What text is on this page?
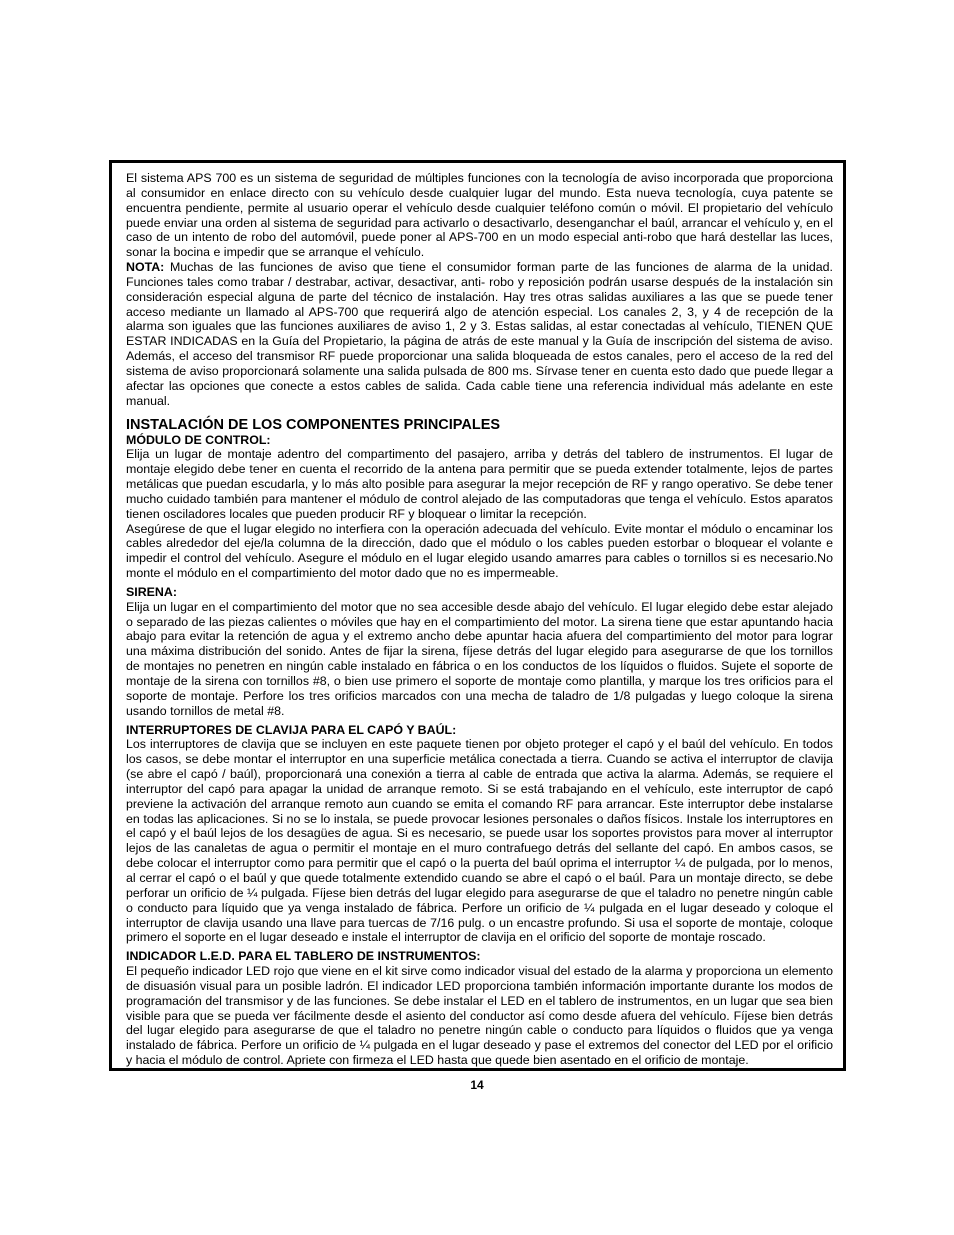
El sistema APS 700 es un sistema de seguridad de múltiples funciones con la tecnología de aviso incorporada que proporciona al consumidor en enlace directo con su vehículo desde cualquier lugar del mundo. Esta nueva tecnología, cuya patente se encuentra pendiente, permite al usuario operar el vehículo desde cualquier teléfono común o móvil. El propietario del vehículo puede enviar una orden al sistema de seguridad para activarlo o desactivarlo, desenganchar el baúl, arrancar el vehículo y, en el caso de un intento de robo del automóvil, puede poner al APS-700 en un modo especial anti-robo que hará destellar las luces, sonar la bocina e impedir que se arranque el vehículo.

NOTA: Muchas de las funciones de aviso que tiene el consumidor forman parte de las funciones de alarma de la unidad. Funciones tales como trabar / destrabar, activar, desactivar, anti- robo y reposición podrán usarse después de la instalación sin consideración especial alguna de parte del técnico de instalación. Hay tres otras salidas auxiliares a las que se puede tener acceso mediante un llamado al APS-700 que requerirá algo de atención especial. Los canales 2, 3, y 4 de recepción de la alarma son iguales que las funciones auxiliares de aviso 1, 2 y 3. Estas salidas, al estar conectadas al vehículo, TIENEN QUE ESTAR INDICADAS en la Guía del Propietario, la página de atrás de este manual y la Guía de inscripción del sistema de aviso. Además, el acceso del transmisor RF puede proporcionar una salida bloqueada de estos canales, pero el acceso de la red del sistema de aviso proporcionará solamente una salida pulsada de 800 ms. Sírvase tener en cuenta esto dado que puede llegar a afectar las opciones que conecte a estos cables de salida. Cada cable tiene una referencia individual más adelante en este manual.

INSTALACIÓN DE LOS COMPONENTES PRINCIPALES
MÓDULO DE CONTROL:

Elija un lugar de montaje adentro del compartimento del pasajero, arriba y detrás del tablero de instrumentos. El lugar de montaje elegido debe tener en cuenta el recorrido de la antena para permitir que se pueda extender totalmente, lejos de partes metálicas que puedan escudarla, y lo más alto posible para asegurar la mejor recepción de RF y rango operativo. Se debe tener mucho cuidado también para mantener el módulo de control alejado de las computadoras que tenga el vehículo. Estos aparatos tienen osciladores locales que pueden producir RF y bloquear o limitar la recepción.

Asegúrese de que el lugar elegido no interfiera con la operación adecuada del vehículo. Evite montar el módulo o encaminar los cables alrededor del eje/la columna de la dirección, dado que el módulo o los cables pueden estorbar o bloquear el volante e impedir el control del vehículo. Asegure el módulo en el lugar elegido usando amarres para cables o tornillos si es necesario.No monte el módulo en el compartimiento del motor dado que no es impermeable.

SIRENA:

Elija un lugar en el compartimiento del motor que no sea accesible desde abajo del vehículo. El lugar elegido debe estar alejado o separado de las piezas calientes o móviles que hay en el compartimiento del motor. La sirena tiene que estar apuntando hacia abajo para evitar la retención de agua y el extremo ancho debe apuntar hacia afuera del compartimiento del motor para lograr una máxima distribución del sonido. Antes de fijar la sirena, fíjese detrás del lugar elegido para asegurarse de que los tornillos de montajes no penetren en ningún cable instalado en fábrica o en los conductos de los líquidos o fluidos. Sujete el soporte de montaje de la sirena con tornillos #8, o bien use primero el soporte de montaje como plantilla, y marque los tres orificios para el soporte de montaje. Perfore los tres orificios marcados con una mecha de taladro de 1/8 pulgadas y luego coloque la sirena usando tornillos de metal #8.

INTERRUPTORES DE CLAVIJA PARA EL CAPÓ Y BAÚL:

Los interruptores de clavija que se incluyen en este paquete tienen por objeto proteger el capó y el baúl del vehículo. En todos los casos, se debe montar el interruptor en una superficie metálica conectada a tierra. Cuando se activa el interruptor de clavija (se abre el capó / baúl), proporcionará una conexión a tierra al cable de entrada que activa la alarma. Además, se requiere el interruptor del capó para apagar la unidad de arranque remoto. Si se está trabajando en el vehículo, este interruptor de capó previene la activación del arranque remoto aun cuando se emita el comando RF para arrancar. Este interruptor debe instalarse en todas las aplicaciones. Si no se lo instala, se puede provocar lesiones personales o daños físicos. Instale los interruptores en el capó y el baúl lejos de los desagües de agua. Si es necesario, se puede usar los soportes provistos para mover al interruptor lejos de las canaletas de agua o permitir el montaje en el muro contrafuego detrás del sellante del capó. En ambos casos, se debe colocar el interruptor como para permitir que el capó o la puerta del baúl oprima el interruptor ¼ de pulgada, por lo menos, al cerrar el capó o el baúl y que quede totalmente extendido cuando se abre el capó o el baúl. Para un montaje directo, se debe perforar un orificio de ¼ pulgada. Fíjese bien detrás del lugar elegido para asegurarse de que el taladro no penetre ningún cable o conducto para líquido que ya venga instalado de fábrica. Perfore un orificio de ¼ pulgada en el lugar deseado y coloque el interruptor de clavija usando una llave para tuercas de 7/16 pulg. o un encastre profundo. Si usa el soporte de montaje, coloque primero el soporte en el lugar deseado e instale el interruptor de clavija en el orificio del soporte de montaje roscado.

INDICADOR L.E.D. PARA EL TABLERO DE INSTRUMENTOS:

El pequeño indicador LED rojo que viene en el kit sirve como indicador visual del estado de la alarma y proporciona un elemento de disuasión visual para un posible ladrón. El indicador LED proporciona también información importante durante los modos de programación del transmisor y de las funciones. Se debe instalar el LED en el tablero de instrumentos, en un lugar que sea bien visible para que se pueda ver fácilmente desde el asiento del conductor así como desde afuera del vehículo. Fíjese bien detrás del lugar elegido para asegurarse de que el taladro no penetre ningún cable o conducto para líquidos o fluidos que ya venga instalado de fábrica. Perfore un orificio de ¼ pulgada en el lugar deseado y pase el extremos del conector del LED por el orificio y hacia el módulo de control. Apriete con firmeza el LED hasta que quede bien asentado en el orificio de montaje.

14
